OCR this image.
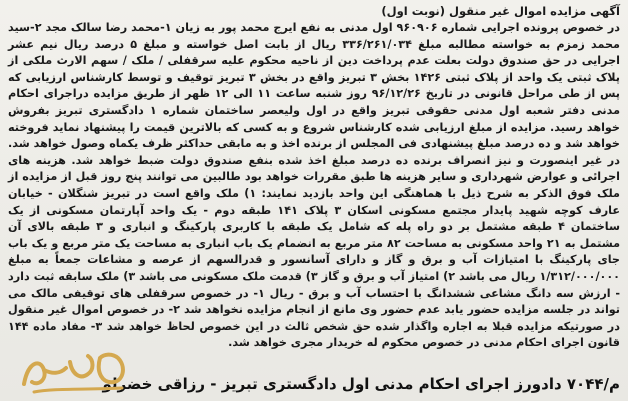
آگهی مزایده اموال غیر منقول (نوبت اول)

در خصوص پرونده اجرایی شماره ۹۶۰۹۰۶ اول مدنی به نفع ایرج محمد پور به زیان ۱-محمد رضا سالک مجد ۲-سید محمد زمزم به خواسته مطالبه مبلغ ۳۳۶/۲۶۱/۰۳۴ ریال از بابت اصل خواسته و مبلغ ۵ درصد ریال نیم عشر اجرایی در حق صندوق دولت بعلت عدم پرداخت دین از ناحیه محکوم علیه سرقفلی / ملک / سهم الارث ملکی از پلاک ثبتی یک واحد از پلاک ثبتی ۱۴۲۶ بخش ۳ تبریز واقع در بخش ۳ تبریز توقیف و توسط کارشناس ارزیابی که پس از طی مراحل قانونی در تاریخ ۹۶/۱۲/۲۶ روز شنبه ساعت ۱۱ الی ۱۲ ظهر از طریق مزایده دراجرای احکام مدنی دفتر شعبه اول مدنی حقوقی تبریز واقع در اول ولیعصر ساختمان شماره ۱ دادگستری تبریز بفروش خواهد رسید. مزایده از مبلغ ارزیابی شده کارشناس شروع و به کسی که بالاترین قیمت را پیشنهاد نماید فروخته خواهد شد و ده درصد مبلغ پیشنهادی فی المجلس از برنده اخذ و به مابقی حداکثر ظرف یکماه وصول خواهد شد. در غیر اینصورت و نیز انصراف برنده ده درصد مبلغ اخذ شده بنفع صندوق دولت ضبط خواهد شد. هزینه های اجرائی و عوارض شهرداری و سایر هزینه ها طبق مقررات خواهد بود طالبین می توانند پنج روز قبل از مزایده از ملک فوق الذکر به شرح ذیل با هماهنگی این واحد بازدید نمایند: ۱) ملک واقع است در تبریز شنگلان - خیابان عارف کوچه شهید پایدار مجتمع مسکونی اسکان ۳ پلاک ۱۴۱ طبقه دوم - یک واحد آپارتمان مسکونی از یک ساختمان ۴ طبقه مشتمل بر دو راه پله که شامل یک طبقه با کاربری پارکینگ و انباری و ۳ طبقه بالای آن مشتمل به ۲۱ واحد مسکونی به مساحت ۸۲ متر مربع به انضمام یک باب انباری به مساحت یک متر مربع و یک باب جای پارکینگ با امتیازات آب و برق و گاز و دارای آسانسور و قدرالسهم از عرصه و مشاعات جمعاً به مبلغ ۱/۳۱۲/۰۰۰/۰۰۰ ریال می باشد ۲) امتیاز آب و برق و گاز ۳) قدمت ملک مسکونی می باشد ۳) ملک سابقه ثبت دارد - ارزش سه دانگ مشاعی ششدانگ با احتساب آب و برق - ریال ۱- در خصوص سرقفلی های توقیفی مالک می تواند در جلسه مزایده حضور یابد عدم حضور وی مانع از انجام مزایده نخواهد شد ۲- در خصوص اموال غیر منقول در صورتیکه مزایده قبلا به اجاره واگذار شده حق شخص ثالث در این خصوص لحاظ خواهد شد ۳- مفاد ماده ۱۴۴ قانون اجرای احکام مدنی در خصوص محکوم له خریدار مجری خواهد شد.

م/۷۰۴۴ دادورز اجرای احکام مدنی اول دادگستری تبریز - رزاقی خضرلو
